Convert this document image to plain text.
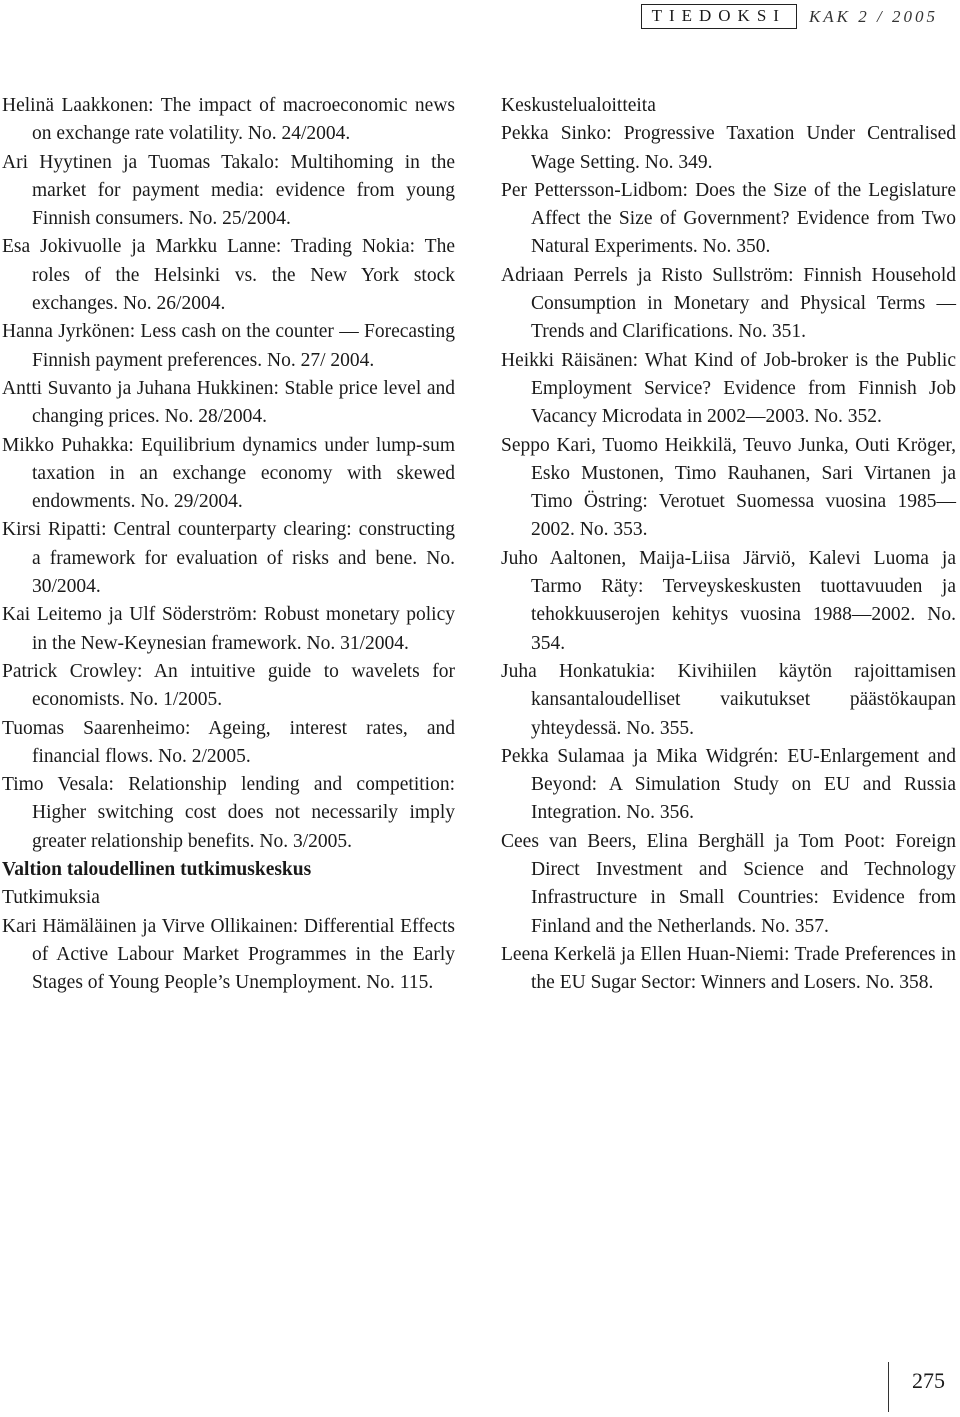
TIEDOKSI	KAK 2 / 2005

Helinä Laakkonen: The impact of macroeconomic news on exchange rate volatility. No. 24/2004.

Ari Hyytinen ja Tuomas Takalo: Multihoming in the market for payment media: evidence from young Finnish consumers. No. 25/2004.

Esa Jokivuolle ja Markku Lanne: Trading Nokia: The roles of the Helsinki vs. the New York stock exchanges. No. 26/2004.

Hanna Jyrkönen: Less cash on the counter — Forecasting Finnish payment preferences. No. 27/ 2004.

Antti Suvanto ja Juhana Hukkinen: Stable price level and changing prices. No. 28/2004.

Mikko Puhakka: Equilibrium dynamics under lump-sum taxation in an exchange economy with skewed endowments. No. 29/2004.

Kirsi Ripatti: Central counterparty clearing: constructing a framework for evaluation of risks and bene. No. 30/2004.

Kai Leitemo ja Ulf Söderström: Robust monetary policy in the New-Keynesian framework. No. 31/2004.

Patrick Crowley: An intuitive guide to wavelets for economists. No. 1/2005.

Tuomas Saarenheimo: Ageing, interest rates, and financial flows. No. 2/2005.

Timo Vesala: Relationship lending and competition: Higher switching cost does not necessarily imply greater relationship benefits. No. 3/2005.

Valtion taloudellinen tutkimuskeskus

Tutkimuksia

Kari Hämäläinen ja Virve Ollikainen: Differential Effects of Active Labour Market Programmes in the Early Stages of Young People’s Unemployment. No. 115.

Keskustelualoitteita

Pekka Sinko: Progressive Taxation Under Centralised Wage Setting. No. 349.

Per Pettersson-Lidbom: Does the Size of the Legislature Affect the Size of Government? Evidence from Two Natural Experiments. No. 350.

Adriaan Perrels ja Risto Sullström: Finnish Household Consumption in Monetary and Physical Terms — Trends and Clarifications. No. 351.

Heikki Räisänen: What Kind of Job-broker is the Public Employment Service? Evidence from Finnish Job Vacancy Microdata in 2002—2003. No. 352.

Seppo Kari, Tuomo Heikkilä, Teuvo Junka, Outi Kröger, Esko Mustonen, Timo Rauhanen, Sari Virtanen ja Timo Östring: Verotuet Suomessa vuosina 1985—2002. No. 353.

Juho Aaltonen, Maija-Liisa Järviö, Kalevi Luoma ja Tarmo Räty: Terveyskeskusten tuottavuuden ja tehokkuuserojen kehitys vuosina 1988—2002. No. 354.

Juha Honkatukia: Kivihiilen käytön rajoittamisen kansantaloudelliset vaikutukset päästökaupan yhteydessä. No. 355.

Pekka Sulamaa ja Mika Widgrén: EU-Enlargement and Beyond: A Simulation Study on EU and Russia Integration. No. 356.

Cees van Beers, Elina Berghäll ja Tom Poot: Foreign Direct Investment and Science and Technology Infrastructure in Small Countries: Evidence from Finland and the Netherlands. No. 357.

Leena Kerkelä ja Ellen Huan-Niemi: Trade Preferences in the EU Sugar Sector: Winners and Losers. No. 358.

275
